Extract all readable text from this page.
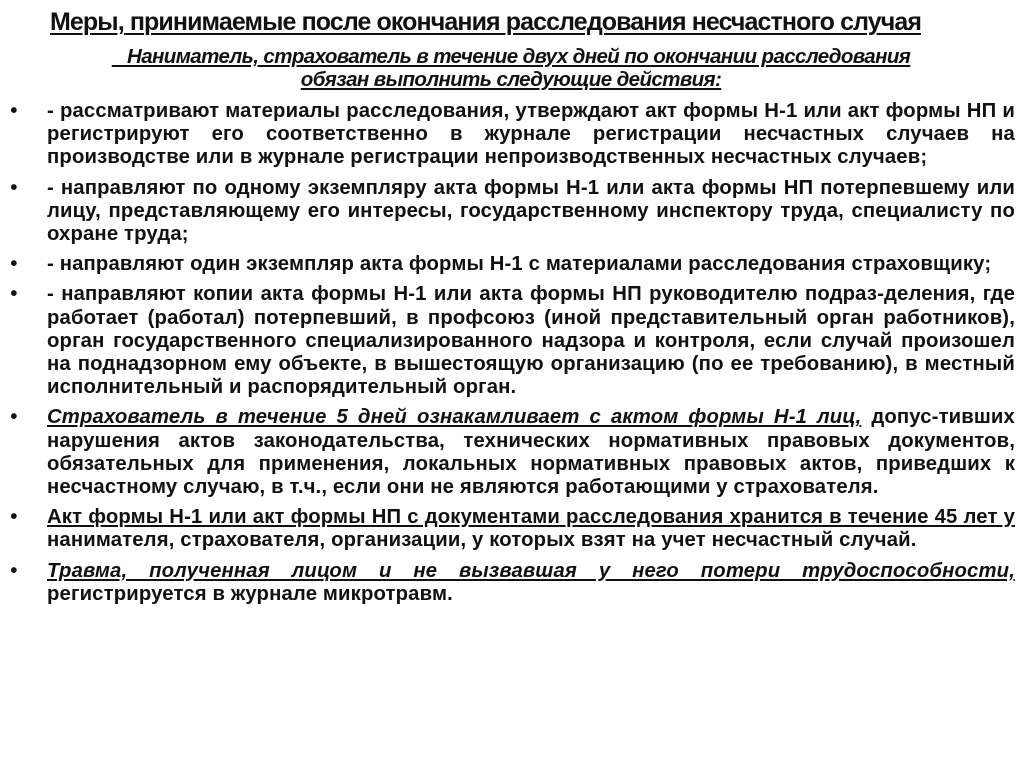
Меры, принимаемые после окончания расследования несчастного случая
Наниматель, страхователь в течение двух дней по окончании расследования
обязан выполнить следующие действия:
• - рассматривают материалы расследования, утверждают акт формы Н-1 или акт формы НП и регистрируют его соответственно в журнале регистрации несчастных случаев на производстве или в журнале регистрации непроизводственных несчастных случаев;
• - направляют по одному экземпляру акта формы Н-1 или акта формы НП потерпевшему или лицу, представляющему его интересы, государственному инспектору труда, специалисту по охране труда;
• - направляют один экземпляр акта формы Н-1 с материалами расследования страховщику;
• - направляют копии акта формы Н-1 или акта формы НП руководителю подраз-деления, где работает (работал) потерпевший, в профсоюз (иной представительный орган работников), орган государственного специализированного надзора и контроля, если случай произошел на поднадзорном ему объекте, в вышестоящую организацию (по ее требованию), в местный исполнительный и распорядительный орган.
• Страхователь в течение 5 дней ознакамливает с актом формы Н-1 лиц, допус-тивших нарушения актов законодательства, технических нормативных правовых документов, обязательных для применения, локальных нормативных правовых актов, приведших к несчастному случаю, в т.ч., если они не являются работающими у страхователя.
• Акт формы Н-1 или акт формы НП с документами расследования хранится в течение 45 лет у нанимателя, страхователя, организации, у которых взят на учет несчастный случай.
• Травма, полученная лицом и не вызвавшая у него потери трудоспособности, регистрируется в журнале микротравм.
